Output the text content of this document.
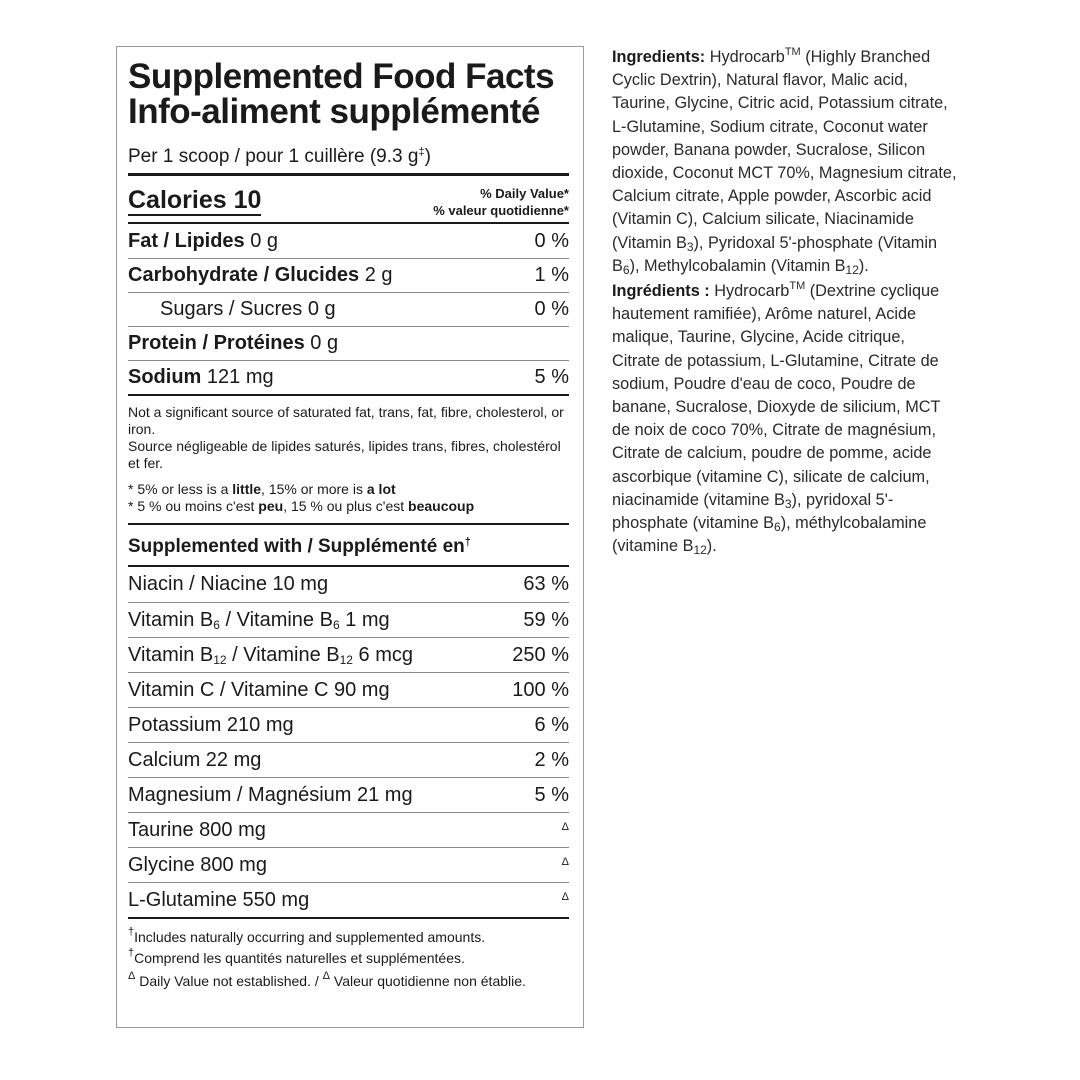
Supplemented Food Facts
Info-aliment supplémenté
Per 1 scoop / pour 1 cuillère (9.3 g‡)
Calories 10	% Daily Value*
% valeur quotidienne*
Fat / Lipides 0 g	0 %
Carbohydrate / Glucides 2 g	1 %
Sugars / Sucres 0 g	0 %
Protein / Protéines 0 g
Sodium 121 mg	5 %

Not a significant source of saturated fat, trans, fat, fibre, cholesterol, or iron.

Source négligeable de lipides saturés, lipides trans, fibres, cholestérol et fer.

* 5% or less is a little, 15% or more is a lot

* 5 % ou moins c'est peu, 15 % ou plus c'est beaucoup

Supplemented with / Supplémenté en†
Niacin / Niacine 10 mg	63 %
Vitamin $B_6$ / Vitamine $B_6$ 1 mg	59 %
Vitamin $B_{12}$ / Vitamine $B_{12}$ 6 mcg	250 %
Vitamin C / Vitamine C 90 mg	100 %
Potassium 210 mg	6 %
Calcium 22 mg	2 %
Magnesium / Magnésium 21 mg	5 %
Taurine 800 mg	Δ
Glycine 800 mg	Δ
L-Glutamine 550 mg	Δ

†Includes naturally occurring and supplemented amounts.

†Comprend les quantités naturelles et supplémentées.

$^\Delta$ Daily Value not established. / $^\Delta$ Valeur quotidienne non établie.

Ingredients: Hydrocarb™ (Highly Branched Cyclic Dextrin), Natural flavor, Malic acid, Taurine, Glycine, Citric acid, Potassium citrate, L-Glutamine, Sodium citrate, Coconut water powder, Banana powder, Sucralose, Silicon dioxide, Coconut MCT 70%, Magnesium citrate, Calcium citrate, Apple powder, Ascorbic acid (Vitamin C), Calcium silicate, Niacinamide (Vitamin $B_3$), Pyridoxal 5'-phosphate (Vitamin $B_6$), Methylcobalamin (Vitamin $B_{12}$).

Ingrédients : Hydrocarb™ (Dextrine cyclique hautement ramifiée), Arôme naturel, Acide malique, Taurine, Glycine, Acide citrique, Citrate de potassium, L-Glutamine, Citrate de sodium, Poudre d'eau de coco, Poudre de banane, Sucralose, Dioxyde de silicium, MCT de noix de coco 70%, Citrate de magnésium, Citrate de calcium, poudre de pomme, acide ascorbique (vitamine C), silicate de calcium, niacinamide (vitamine $B_3$), pyridoxal 5'-phosphate (vitamine $B_6$), méthylcobalamine (vitamine $B_{12}$).
